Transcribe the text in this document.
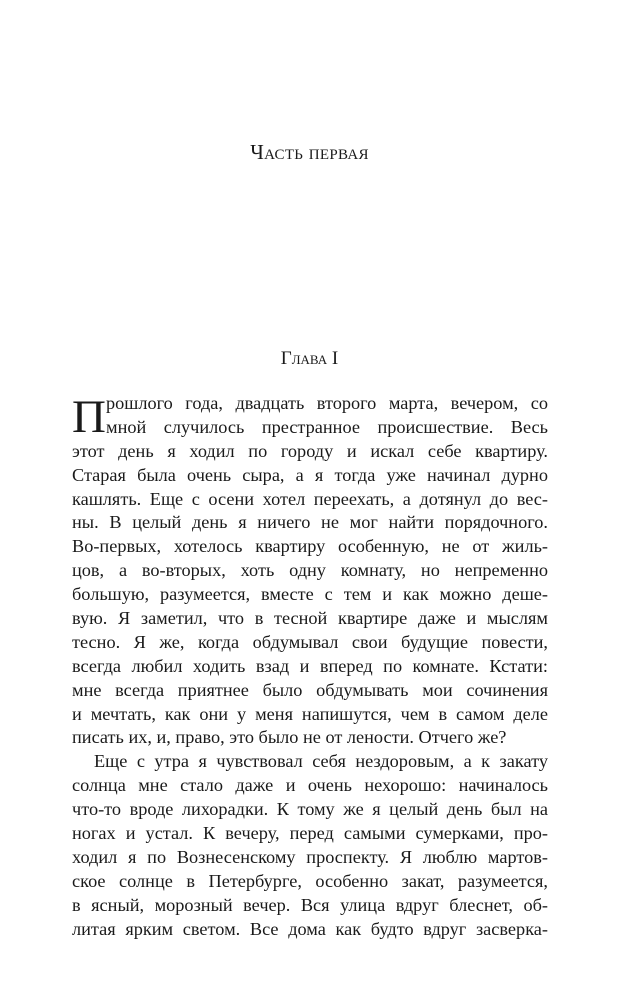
Часть первая
Глава I
П рошлого года, двадцать второго марта, вечером, со
мной случилось престранное происшествие. Весь
этот день я ходил по городу и искал себе квартиру.
Старая была очень сыра, а я тогда уже начинал дурно
кашлять. Еще с осени хотел переехать, а дотянул до вес-
ны. В целый день я ничего не мог найти порядочного.
Во-первых, хотелось квартиру особенную, не от жиль-
цов, а во-вторых, хоть одну комнату, но непременно
большую, разумеется, вместе с тем и как можно деше-
вую. Я заметил, что в тесной квартире даже и мыслям
тесно. Я же, когда обдумывал свои будущие повести,
всегда любил ходить взад и вперед по комнате. Кстати:
мне всегда приятнее было обдумывать мои сочинения
и мечтать, как они у меня напишутся, чем в самом деле
писать их, и, право, это было не от лености. Отчего же?
Еще с утра я чувствовал себя нездоровым, а к закату
солнца мне стало даже и очень нехорошо: начиналось
что-то вроде лихорадки. К тому же я целый день был на
ногах и устал. К вечеру, перед самыми сумерками, про-
ходил я по Вознесенскому проспекту. Я люблю мартов-
ское солнце в Петербурге, особенно закат, разумеется,
в ясный, морозный вечер. Вся улица вдруг блеснет, об-
литая ярким светом. Все дома как будто вдруг засверка-
